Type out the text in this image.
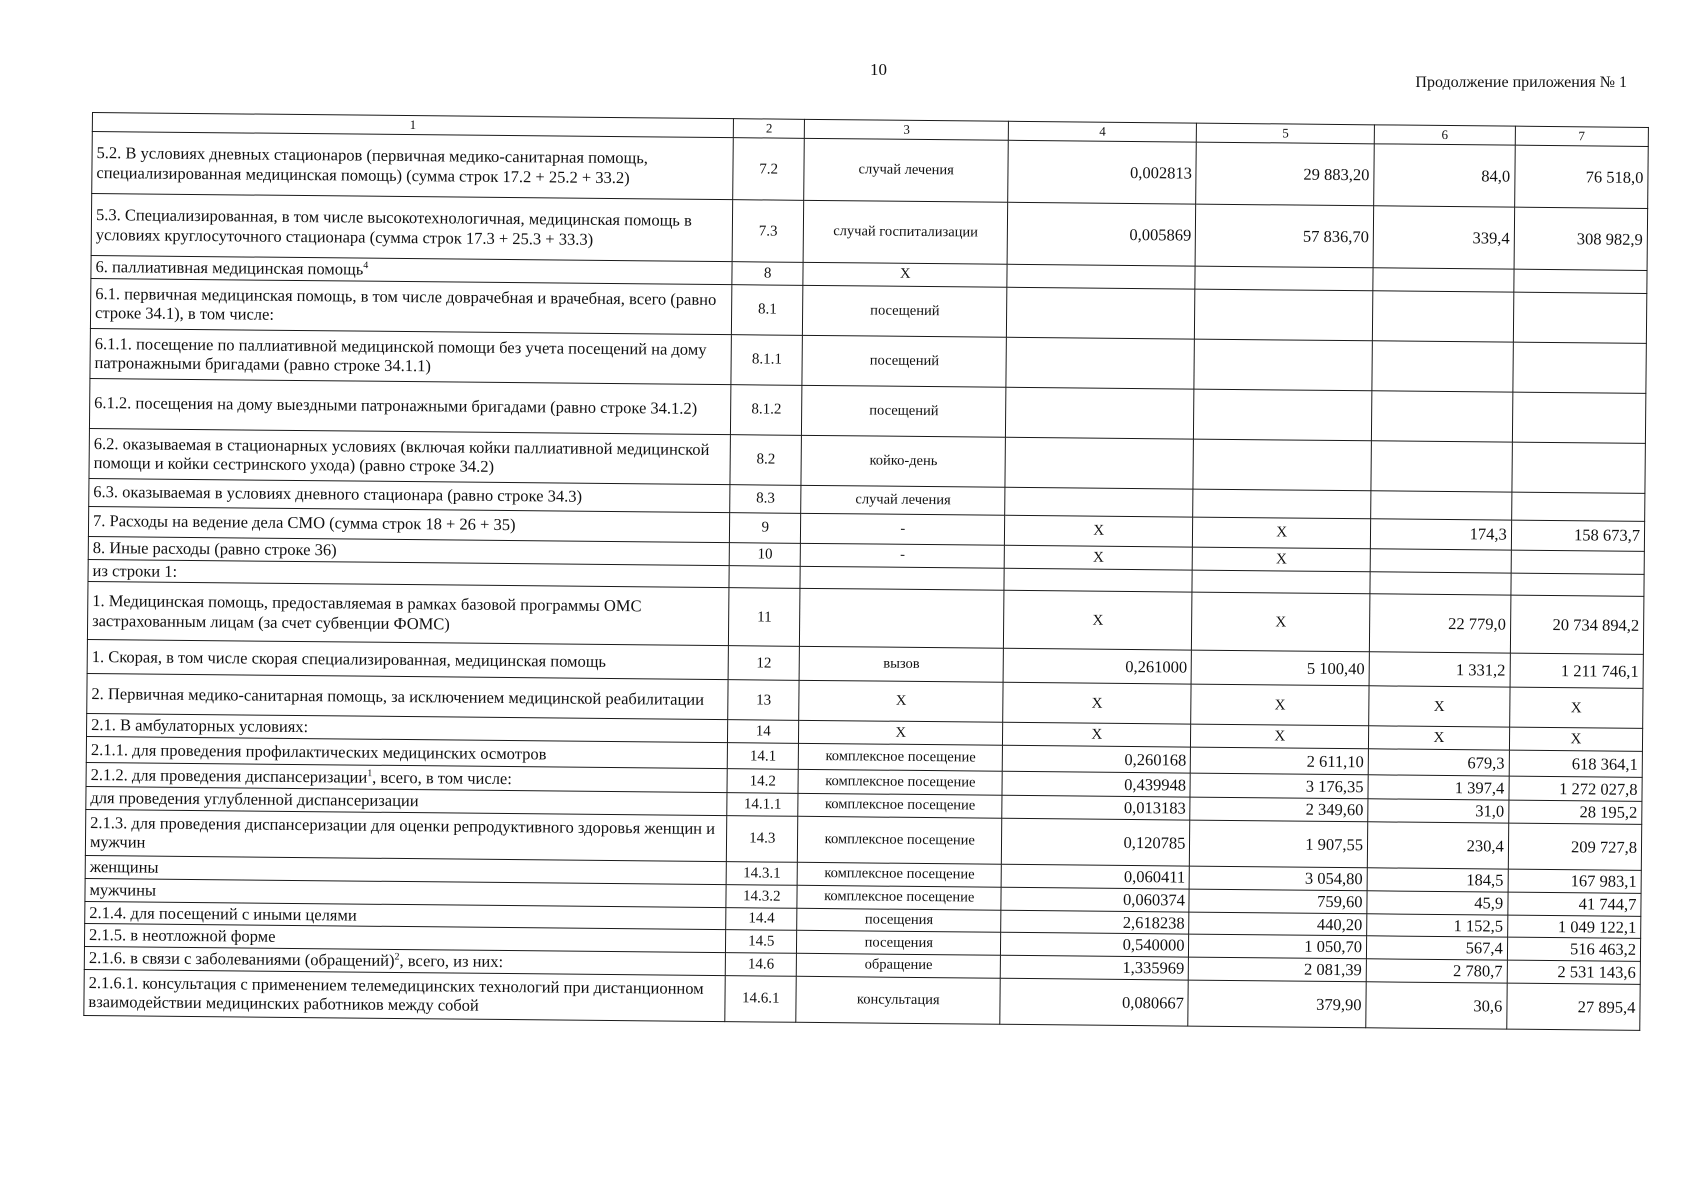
10
Продолжение приложения № 1
1	2	3	4	5	6	7
5.2. В условиях дневных стационаров (первичная медико-санитарная помощь, специализированная медицинская помощь) (сумма строк 17.2 + 25.2 + 33.2)	7.2	случай лечения	0,002813	29 883,20	84,0	76 518,0
5.3. Специализированная, в том числе высокотехнологичная, медицинская помощь в условиях круглосуточного стационара (сумма строк 17.3 + 25.3 + 33.3)	7.3	случай госпитализации	0,005869	57 836,70	339,4	308 982,9
6. паллиативная медицинская помощь$^4$	8	Х				
6.1. первичная медицинская помощь, в том числе доврачебная и врачебная, всего (равно строке 34.1), в том числе:	8.1	посещений				
6.1.1. посещение по паллиативной медицинской помощи без учета посещений на дому патронажными бригадами (равно строке 34.1.1)	8.1.1	посещений				
6.1.2. посещения на дому выездными патронажными бригадами (равно строке 34.1.2)	8.1.2	посещений				
6.2. оказываемая в стационарных условиях (включая койки паллиативной медицинской помощи и койки сестринского ухода) (равно строке 34.2)	8.2	койко-день				
6.3. оказываемая в условиях дневного стационара (равно строке 34.3)	8.3	случай лечения				
7. Расходы на ведение дела СМО (сумма строк 18 + 26 + 35)	9	-	Х	Х	174,3	158 673,7
8. Иные расходы (равно строке 36)	10	-	Х	Х		
из строки 1:						
1. Медицинская помощь, предоставляемая в рамках базовой программы ОМС застрахованным лицам (за счет субвенции ФОМС)	11		Х	Х	22 779,0	20 734 894,2
1. Скорая, в том числе скорая специализированная, медицинская помощь	12	вызов	0,261000	5 100,40	1 331,2	1 211 746,1
2. Первичная медико-санитарная помощь, за исключением медицинской реабилитации	13	Х	Х	Х	Х	Х
2.1. В амбулаторных условиях:	14	Х	Х	Х	Х	Х
2.1.1. для проведения профилактических медицинских осмотров	14.1	комплексное посещение	0,260168	2 611,10	679,3	618 364,1
2.1.2. для проведения диспансеризации$^1$, всего, в том числе:	14.2	комплексное посещение	0,439948	3 176,35	1 397,4	1 272 027,8
для проведения углубленной диспансеризации	14.1.1	комплексное посещение	0,013183	2 349,60	31,0	28 195,2
2.1.3. для проведения диспансеризации для оценки репродуктивного здоровья женщин и мужчин	14.3	комплексное посещение	0,120785	1 907,55	230,4	209 727,8
женщины	14.3.1	комплексное посещение	0,060411	3 054,80	184,5	167 983,1
мужчины	14.3.2	комплексное посещение	0,060374	759,60	45,9	41 744,7
2.1.4. для посещений с иными целями	14.4	посещения	2,618238	440,20	1 152,5	1 049 122,1
2.1.5. в неотложной форме	14.5	посещения	0,540000	1 050,70	567,4	516 463,2
2.1.6. в связи с заболеваниями (обращений)$^2$, всего, из них:	14.6	обращение	1,335969	2 081,39	2 780,7	2 531 143,6
2.1.6.1. консультация с применением телемедицинских технологий при дистанционном взаимодействии медицинских работников между собой	14.6.1	консультация	0,080667	379,90	30,6	27 895,4
